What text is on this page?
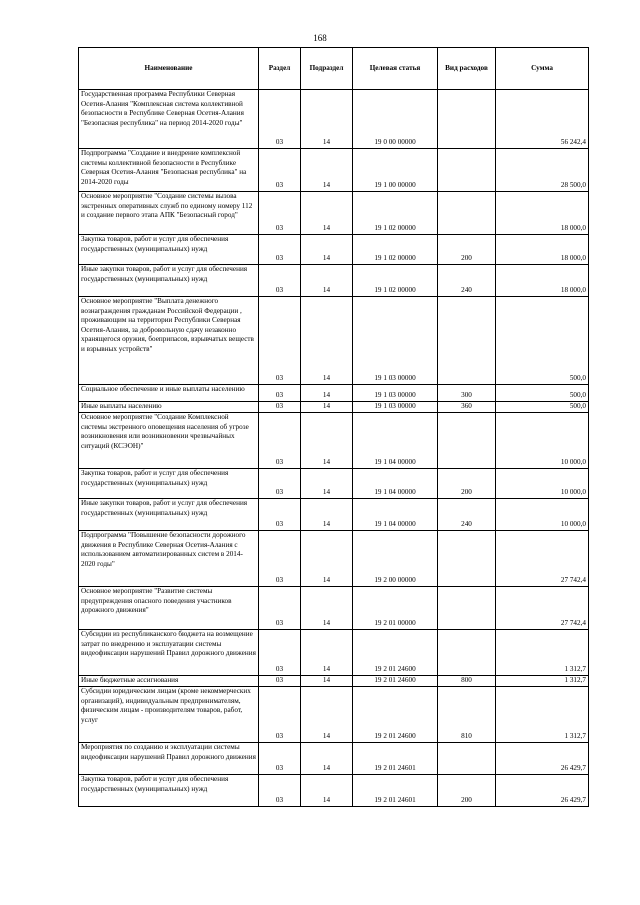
168
Наименование	Раздел	Подраздел	Целевая статья	Вид расходов	Сумма
Государственная программа Республики Северная Осетия-Алания "Комплексная система коллективной безопасности в Республике Северная Осетия-Алания "Безопасная республика" на период 2014-2020 годы"	03	14	19 0 00 00000		56 242,4
Подпрограмма "Создание и внедрение комплексной системы коллективной безопасности в Республике Северная Осетия-Алания "Безопасная республика" на 2014-2020 годы	03	14	19 1 00 00000		28 500,0
Основное мероприятие "Создание системы вызова экстренных оперативных служб по единому номеру 112 и создание первого этапа АПК "Безопасный город"	03	14	19 1 02 00000		18 000,0
Закупка товаров, работ и услуг для обеспечения государственных (муниципальных) нужд	03	14	19 1 02 00000	200	18 000,0
Иные закупки товаров, работ и услуг для обеспечения государственных (муниципальных) нужд	03	14	19 1 02 00000	240	18 000,0
Основное мероприятие "Выплата денежного вознаграждения гражданам Российской Федерации , проживающим на территории Республики Северная Осетия-Алания, за добровольную сдачу незаконно хранящегося оружия, боеприпасов, взрывчатых веществ и взрывных устройств"	03	14	19 1 03 00000		500,0
Социальное обеспечение и иные выплаты населению	03	14	19 1 03 00000	300	500,0
Иные выплаты населению	03	14	19 1 03 00000	360	500,0
Основное мероприятие "Создание Комплексной системы экстренного оповещения населения об угрозе возникновения или возникновении чрезвычайных ситуаций (КСЭОН)"	03	14	19 1 04 00000		10 000,0
Закупка товаров, работ и услуг для обеспечения государственных (муниципальных) нужд	03	14	19 1 04 00000	200	10 000,0
Иные закупки товаров, работ и услуг для обеспечения государственных (муниципальных) нужд	03	14	19 1 04 00000	240	10 000,0
Подпрограмма "Повышение безопасности дорожного движения в Республике Северная Осетия-Алания с использованием автоматизированных систем в 2014-2020 годы"	03	14	19 2 00 00000		27 742,4
Основное мероприятие "Развитие системы предупреждения опасного поведения участников дорожного движения"	03	14	19 2 01 00000		27 742,4
Субсидии из республиканского бюджета на возмещение затрат по внедрению и эксплуатации системы видеофиксации нарушений Правил дорожного движения	03	14	19 2 01 24600		1 312,7
Иные бюджетные ассигнования	03	14	19 2 01 24600	800	1 312,7
Субсидии юридическим лицам (кроме некоммерческих организаций), индивидуальным предпринимателям, физическим лицам - производителям товаров, работ, услуг	03	14	19 2 01 24600	810	1 312,7
Мероприятия по созданию и эксплуатации системы видеофиксации нарушений Правил дорожного движения	03	14	19 2 01 24601		26 429,7
Закупка товаров, работ и услуг для обеспечения государственных (муниципальных) нужд	03	14	19 2 01 24601	200	26 429,7
